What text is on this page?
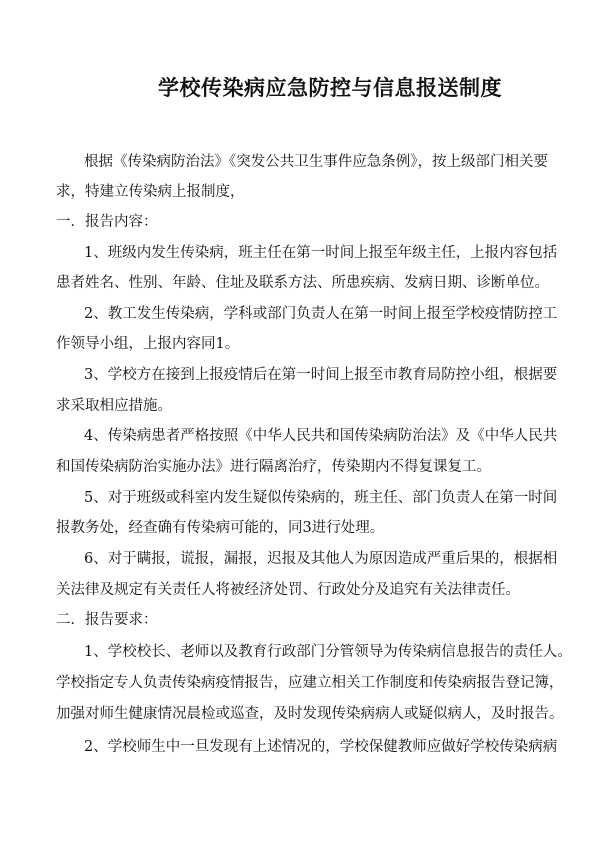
学校传染病应急防控与信息报送制度
根据《传染病防治法》《突发公共卫生事件应急条例》，按上级部门相关要
求，特建立传染病上报制度，
一．报告内容：
1、班级内发生传染病，班主任在第一时间上报至年级主任，上报内容包括
患者姓名、性别、年龄、住址及联系方法、所患疾病、发病日期、诊断单位。
2、教工发生传染病，学科或部门负责人在第一时间上报至学校疫情防控工
作领导小组，上报内容同1。
3、学校方在接到上报疫情后在第一时间上报至市教育局防控小组，根据要
求采取相应措施。
4、传染病患者严格按照《中华人民共和国传染病防治法》及《中华人民共
和国传染病防治实施办法》进行隔离治疗，传染期内不得复课复工。
5、对于班级或科室内发生疑似传染病的，班主任、部门负责人在第一时间
报教务处，经查确有传染病可能的，同3进行处理。
6、对于瞒报，谎报，漏报，迟报及其他人为原因造成严重后果的，根据相
关法律及规定有关责任人将被经济处罚、行政处分及追究有关法律责任。
二．报告要求：
1、学校校长、老师以及教育行政部门分管领导为传染病信息报告的责任人。
学校指定专人负责传染病疫情报告，应建立相关工作制度和传染病报告登记簿，
加强对师生健康情况晨检或巡查，及时发现传染病病人或疑似病人，及时报告。
2、学校师生中一旦发现有上述情况的，学校保健教师应做好学校传染病病
